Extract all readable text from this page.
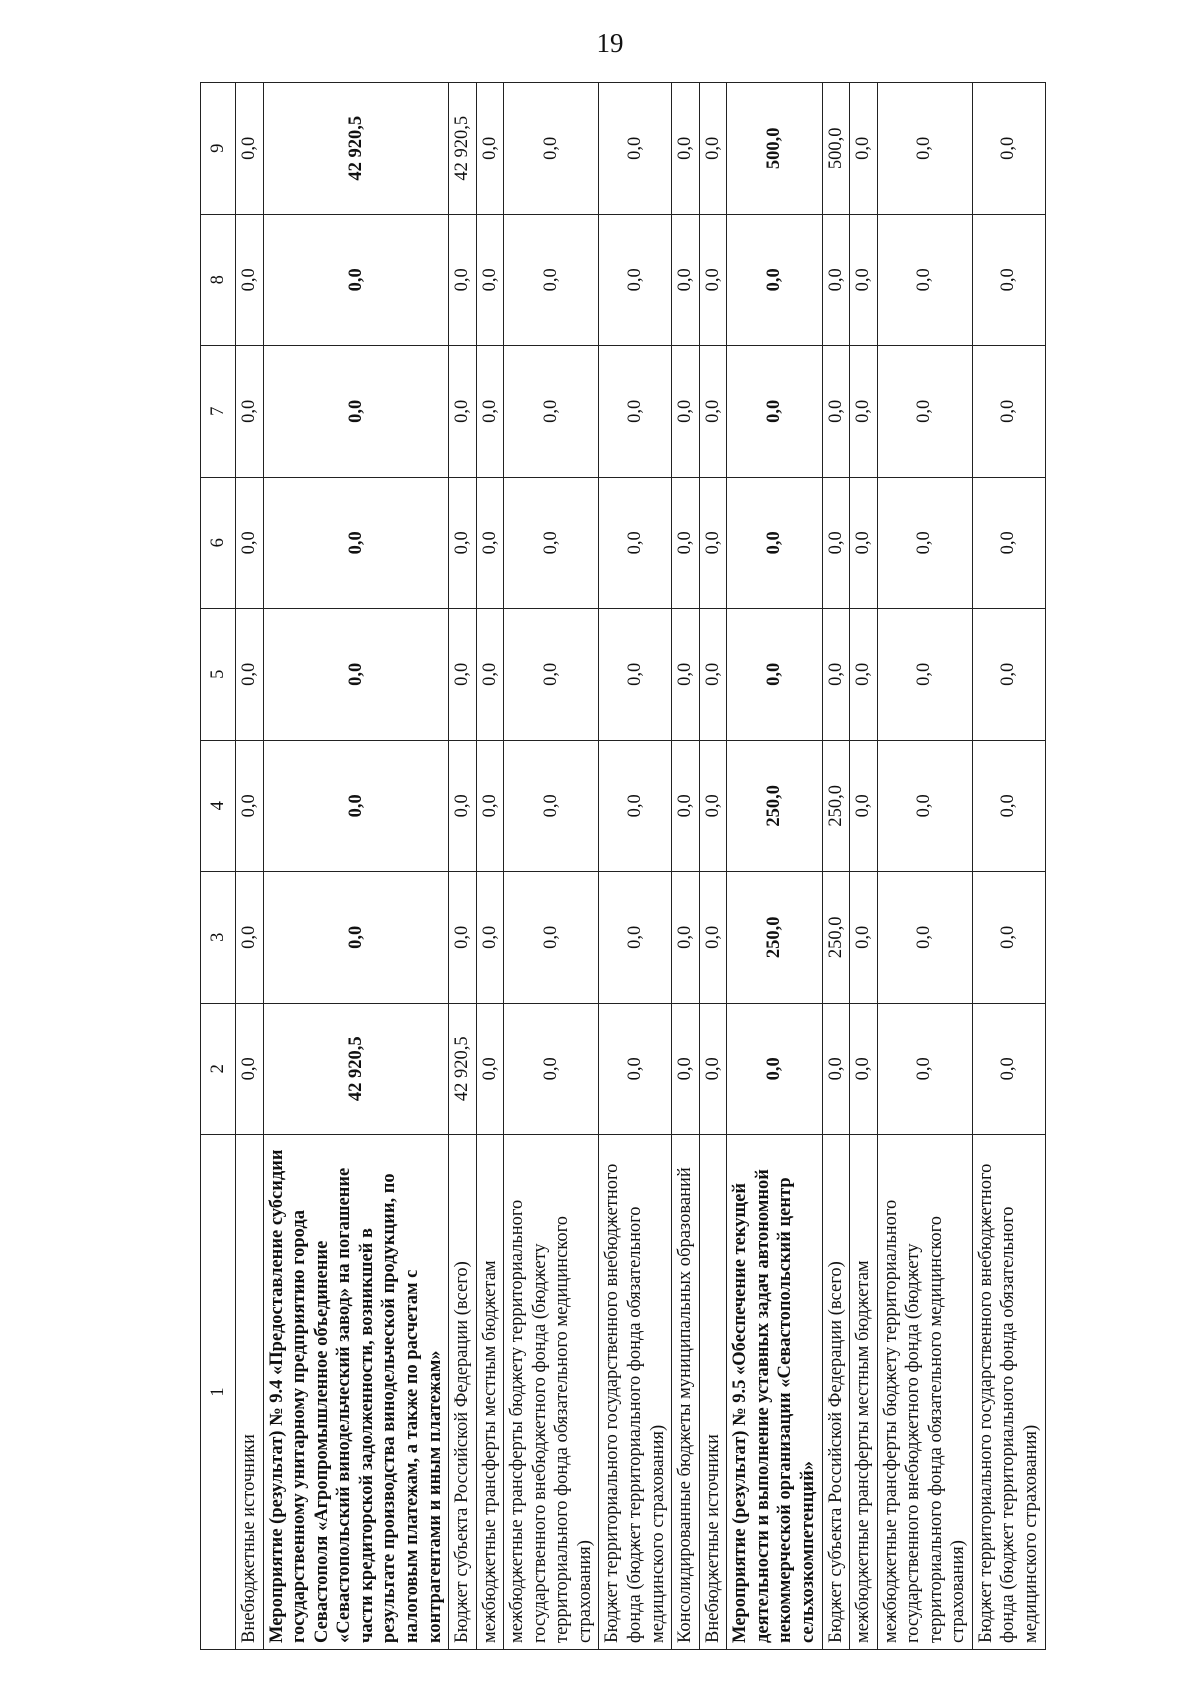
19
1	2	3	4	5	6	7	8	9
Внебюджетные источники	0,0	0,0	0,0	0,0	0,0	0,0	0,0	0,0
Мероприятие (результат) № 9.4 «Предоставление субсидии государственному унитарному предприятию города Севастополя «Агропромышленное объединение «Севастопольский винодельческий завод» на погашение части кредиторской задолженности, возникшей в результате производства винодельческой продукции, по налоговым платежам, а также по расчетам с контрагентами и иным платежам»	42 920,5	0,0	0,0	0,0	0,0	0,0	0,0	42 920,5
Бюджет субъекта Российской Федерации (всего)	42 920,5	0,0	0,0	0,0	0,0	0,0	0,0	42 920,5
межбюджетные трансферты местным бюджетам	0,0	0,0	0,0	0,0	0,0	0,0	0,0	0,0
межбюджетные трансферты бюджету территориального государственного внебюджетного фонда (бюджету территориального фонда обязательного медицинского страхования)	0,0	0,0	0,0	0,0	0,0	0,0	0,0	0,0
Бюджет территориального государственного внебюджетного фонда (бюджет территориального фонда обязательного медицинского страхования)	0,0	0,0	0,0	0,0	0,0	0,0	0,0	0,0
Консолидированные бюджеты муниципальных образований	0,0	0,0	0,0	0,0	0,0	0,0	0,0	0,0
Внебюджетные источники	0,0	0,0	0,0	0,0	0,0	0,0	0,0	0,0
Мероприятие (результат) № 9.5 «Обеспечение текущей деятельности и выполнение уставных задач автономной некоммерческой организации «Севастопольский центр сельхозкомпетенций»	0,0	250,0	250,0	0,0	0,0	0,0	0,0	500,0
Бюджет субъекта Российской Федерации (всего)	0,0	250,0	250,0	0,0	0,0	0,0	0,0	500,0
межбюджетные трансферты местным бюджетам	0,0	0,0	0,0	0,0	0,0	0,0	0,0	0,0
межбюджетные трансферты бюджету территориального государственного внебюджетного фонда (бюджету территориального фонда обязательного медицинского страхования)	0,0	0,0	0,0	0,0	0,0	0,0	0,0	0,0
Бюджет территориального государственного внебюджетного фонда (бюджет территориального фонда обязательного медицинского страхования)	0,0	0,0	0,0	0,0	0,0	0,0	0,0	0,0
